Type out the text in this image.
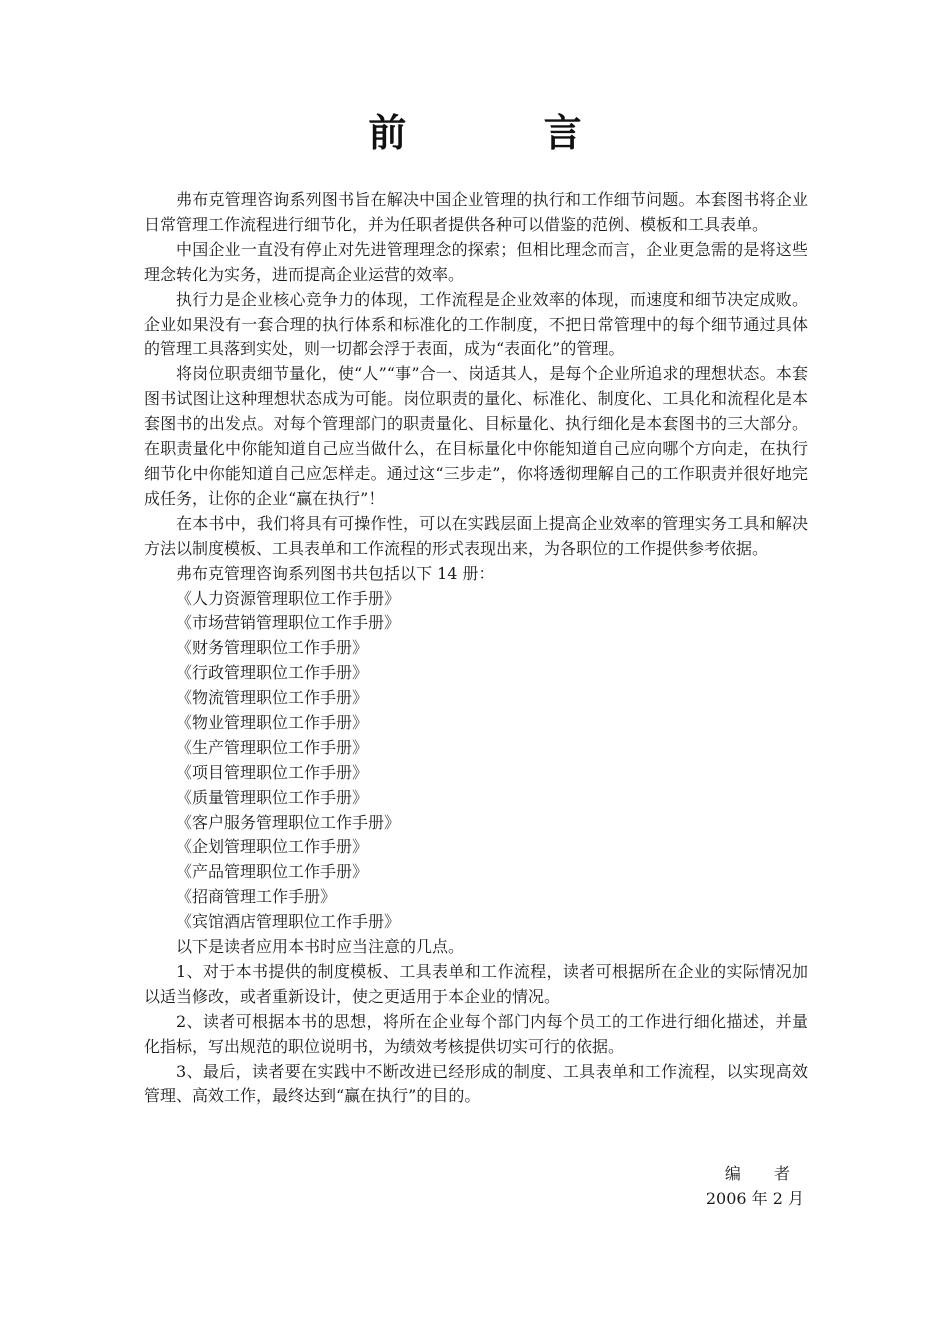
前 言

弗布克管理咨询系列图书旨在解决中国企业管理的执行和工作细节问题。本套图书将企业日常管理工作流程进行细节化，并为任职者提供各种可以借鉴的范例、模板和工具表单。

中国企业一直没有停止对先进管理理念的探索；但相比理念而言，企业更急需的是将这些理念转化为实务，进而提高企业运营的效率。

执行力是企业核心竞争力的体现，工作流程是企业效率的体现，而速度和细节决定成败。企业如果没有一套合理的执行体系和标准化的工作制度，不把日常管理中的每个细节通过具体的管理工具落到实处，则一切都会浮于表面，成为“表面化”的管理。

将岗位职责细节量化，使“人”“事”合一、岗适其人，是每个企业所追求的理想状态。本套图书试图让这种理想状态成为可能。岗位职责的量化、标准化、制度化、工具化和流程化是本套图书的出发点。对每个管理部门的职责量化、目标量化、执行细化是本套图书的三大部分。在职责量化中你能知道自己应当做什么，在目标量化中你能知道自己应向哪个方向走，在执行细节化中你能知道自己应怎样走。通过这“三步走”，你将透彻理解自己的工作职责并很好地完成任务，让你的企业“赢在执行”！

在本书中，我们将具有可操作性，可以在实践层面上提高企业效率的管理实务工具和解决方法以制度模板、工具表单和工作流程的形式表现出来，为各职位的工作提供参考依据。

弗布克管理咨询系列图书共包括以下 14 册：

《人力资源管理职位工作手册》
《市场营销管理职位工作手册》
《财务管理职位工作手册》
《行政管理职位工作手册》
《物流管理职位工作手册》
《物业管理职位工作手册》
《生产管理职位工作手册》
《项目管理职位工作手册》
《质量管理职位工作手册》
《客户服务管理职位工作手册》
《企划管理职位工作手册》
《产品管理职位工作手册》
《招商管理工作手册》
《宾馆酒店管理职位工作手册》

以下是读者应用本书时应当注意的几点。

1、对于本书提供的制度模板、工具表单和工作流程，读者可根据所在企业的实际情况加以适当修改，或者重新设计，使之更适用于本企业的情况。

2、读者可根据本书的思想，将所在企业每个部门内每个员工的工作进行细化描述，并量化指标，写出规范的职位说明书，为绩效考核提供切实可行的依据。

3、最后，读者要在实践中不断改进已经形成的制度、工具表单和工作流程，以实现高效管理、高效工作，最终达到“赢在执行”的目的。

编 者
2006 年 2 月
